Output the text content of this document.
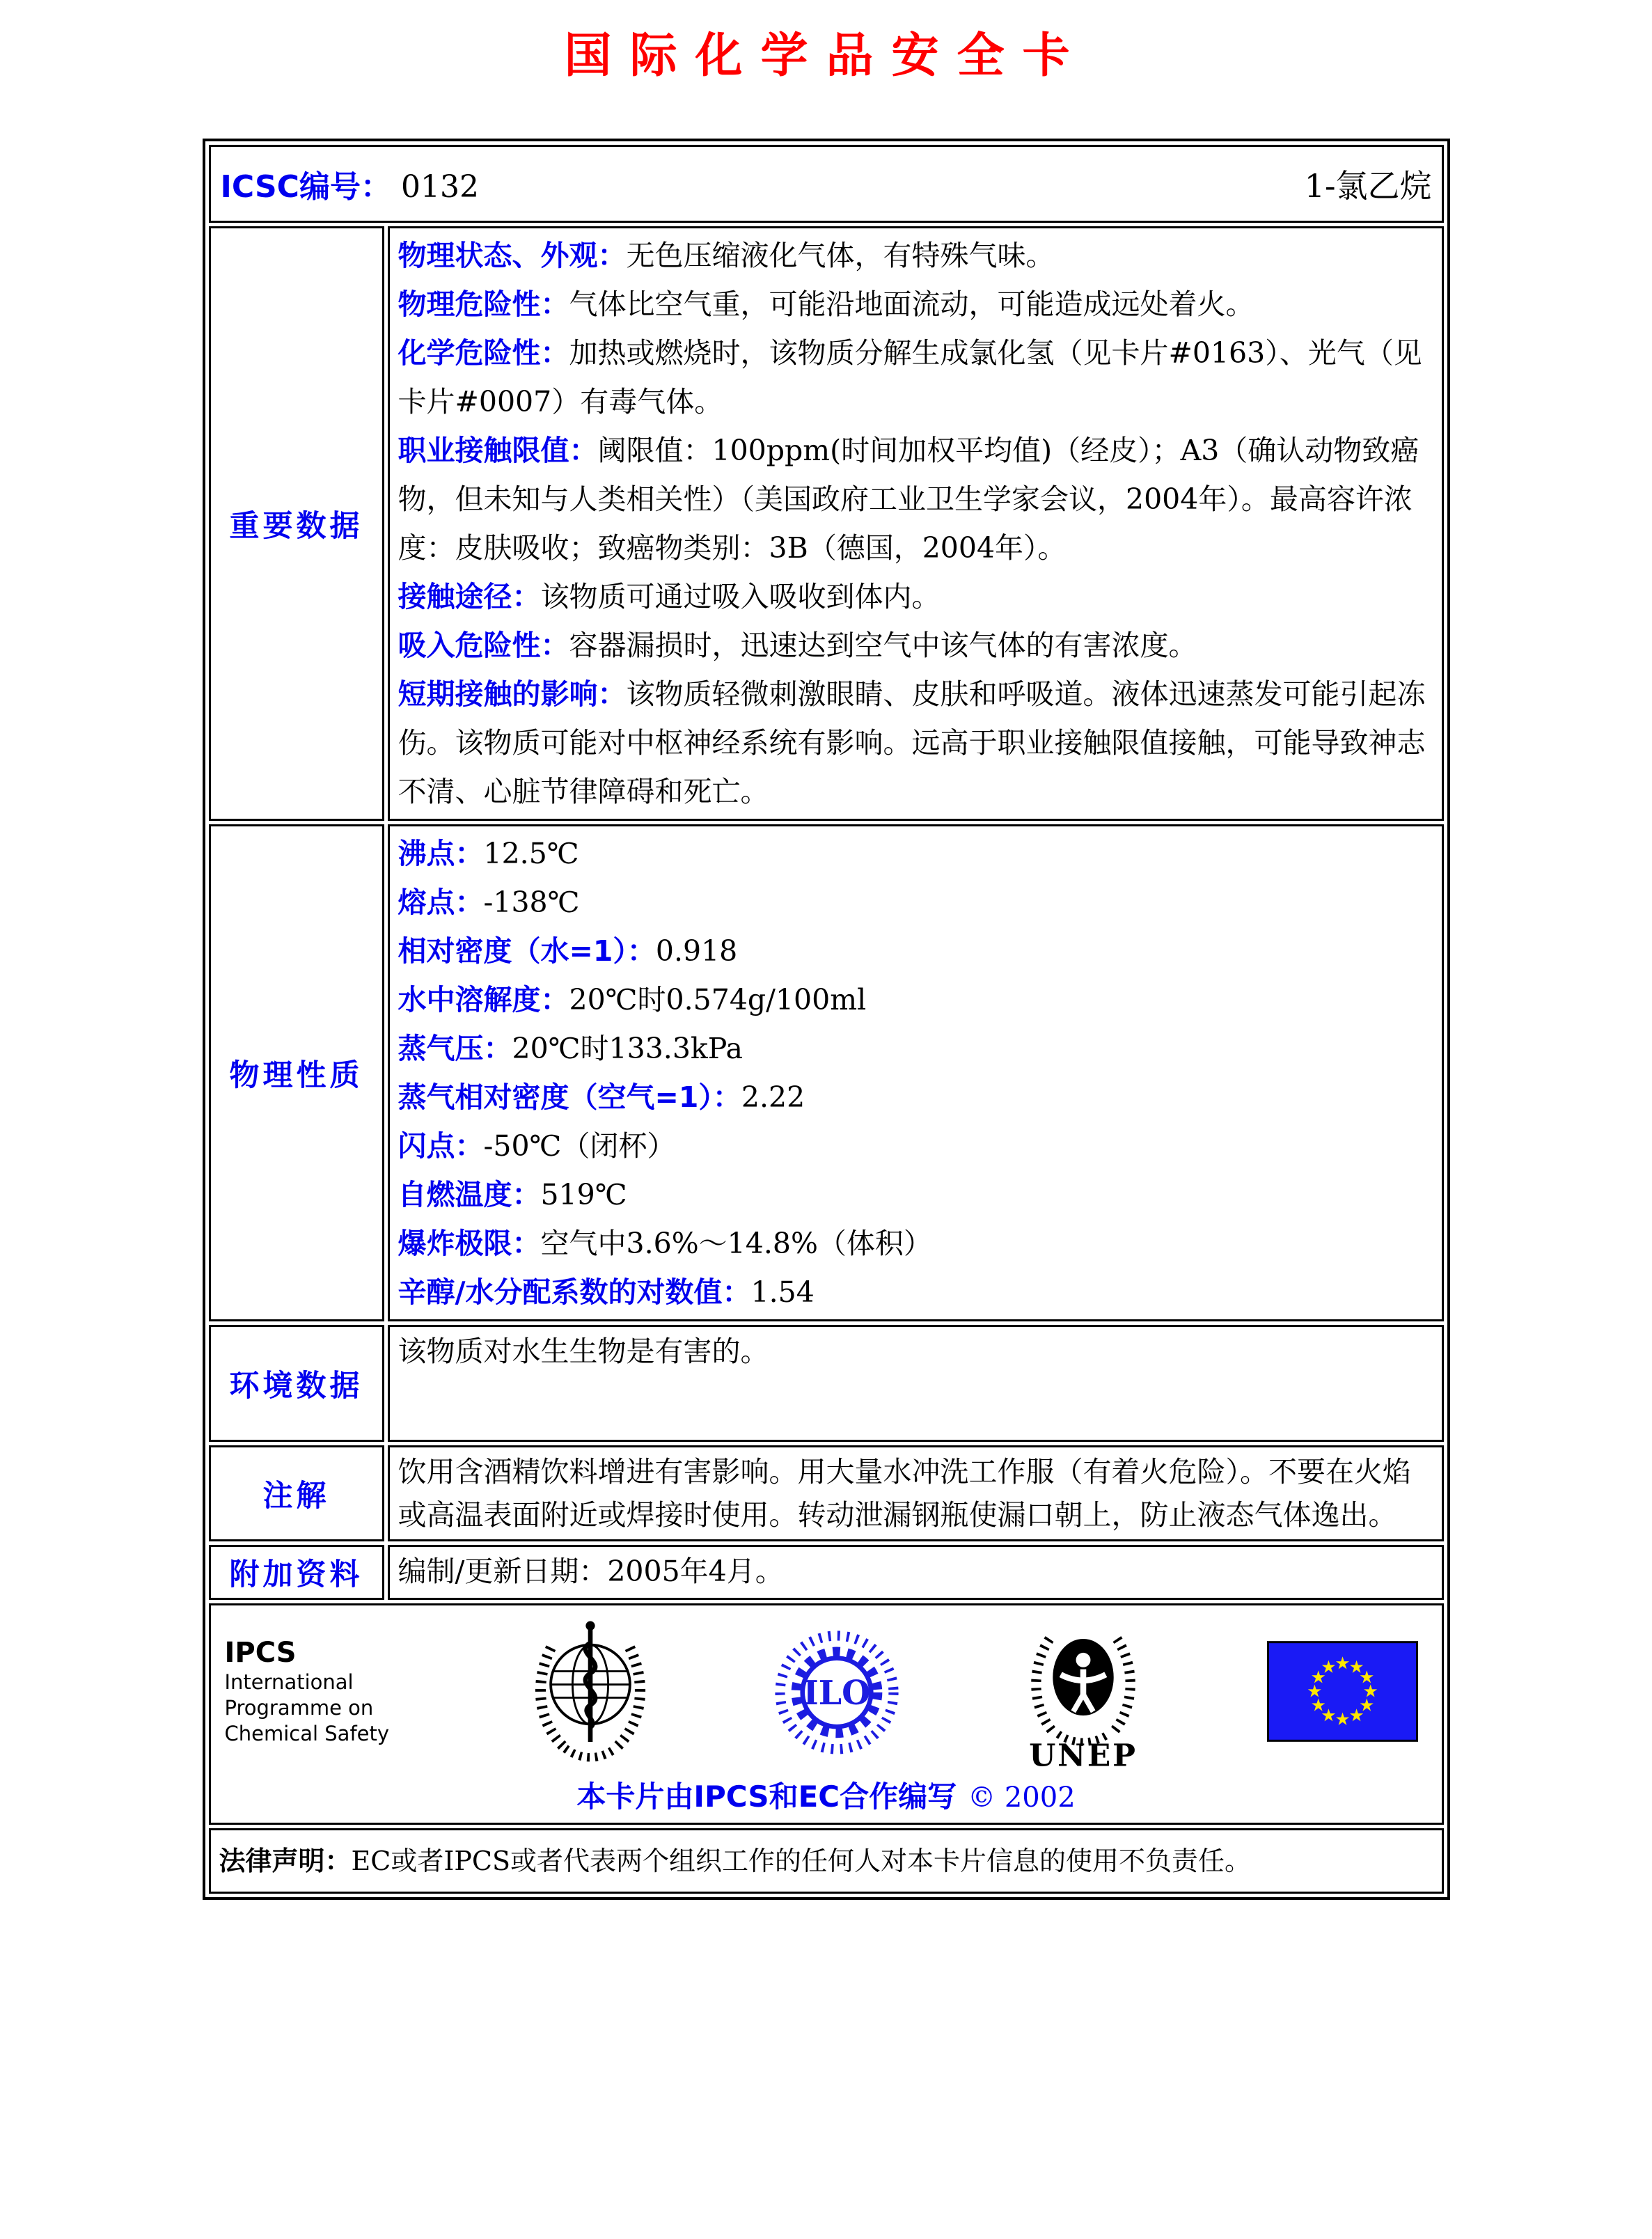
国际化学品安全卡
ICSC编号： 0132 1-氯乙烷	

重要数据	
物理状态、外观：无色压缩液化气体，有特殊气味。
物理危险性：气体比空气重，可能沿地面流动，可能造成远处着火。
化学危险性：加热或燃烧时，该物质分解生成氯化氢（见卡片#0163）、光气（见卡片#0007）有毒气体。
职业接触限值：阈限值：100ppm(时间加权平均值)（经皮）；A3（确认动物致癌物，但未知与人类相关性）（美国政府工业卫生学家会议，2004年）。最高容许浓度：皮肤吸收；致癌物类别：3B（德国，2004年）。
接触途径：该物质可通过吸入吸收到体内。
吸入危险性：容器漏损时，迅速达到空气中该气体的有害浓度。
短期接触的影响：该物质轻微刺激眼睛、皮肤和呼吸道。液体迅速蒸发可能引起冻伤。该物质可能对中枢神经系统有影响。远高于职业接触限值接触，可能导致神志不清、心脏节律障碍和死亡。

物理性质	
沸点：12.5℃
熔点：-138℃
相对密度（水=1）：0.918
水中溶解度：20℃时0.574g/100ml
蒸气压：20℃时133.3kPa
蒸气相对密度（空气=1）：2.22
闪点：-50℃（闭杯）
自燃温度：519℃
爆炸极限：空气中3.6%～14.8%（体积）
辛醇/水分配系数的对数值：1.54

环境数据	该物质对水生生物是有害的。
注解	饮用含酒精饮料增进有害影响。用大量水冲洗工作服（有着火危险）。不要在火焰或高温表面附近或焊接时使用。转动泄漏钢瓶使漏口朝上，防止液态气体逸出。
附加资料	编制/更新日期：2005年4月。

IPCS
International
Programme on
Chemical Safety
ILO
UNEP
本卡片由IPCS和EC合作编写 © 2002

法律声明：EC或者IPCS或者代表两个组织工作的任何人对本卡片信息的使用不负责任。	
